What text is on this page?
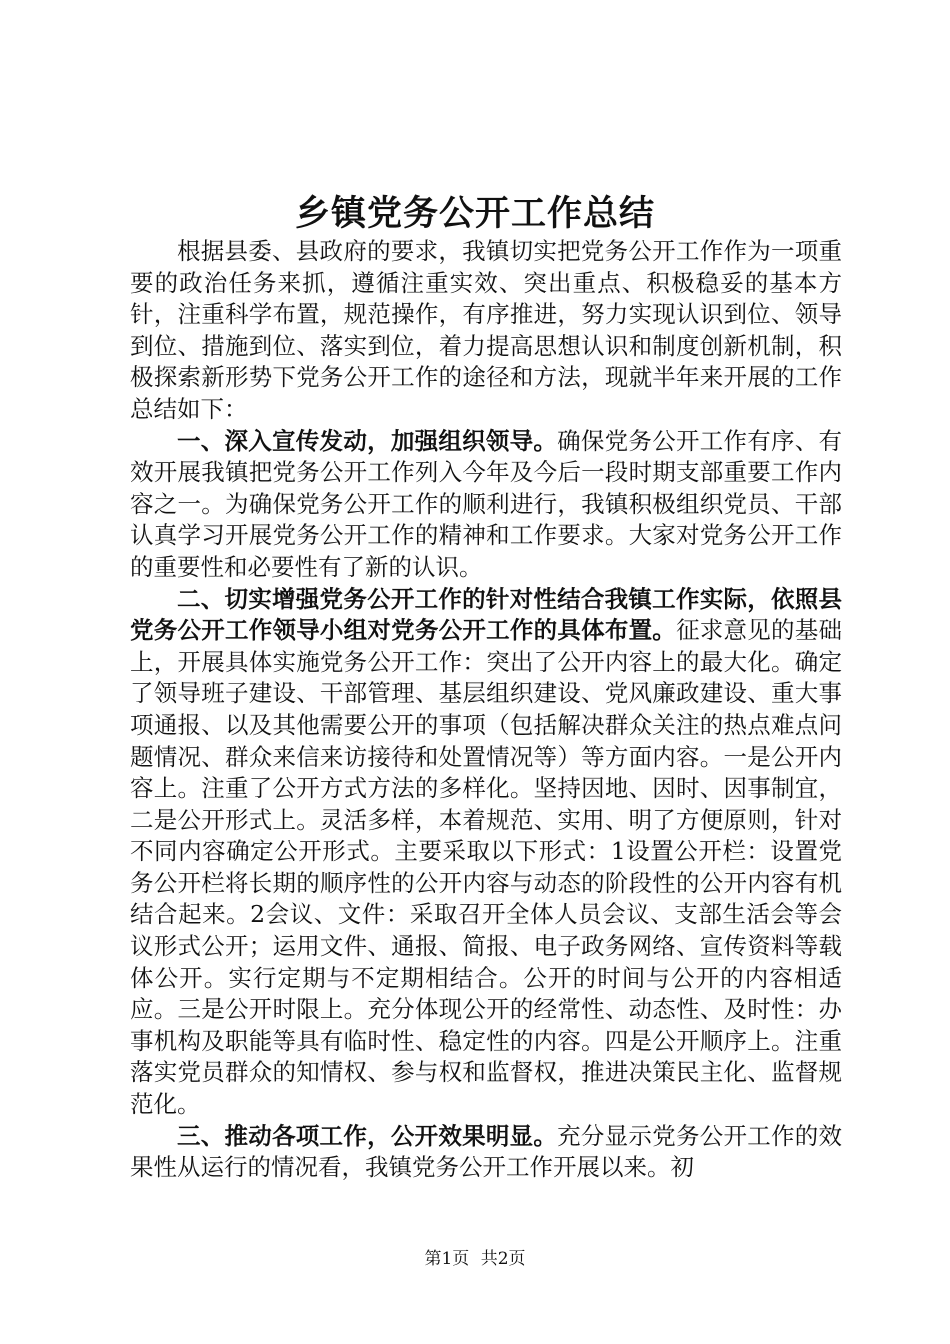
乡镇党务公开工作总结

根据县委、县政府的要求，我镇切实把党务公开工作作为一项重要的政治任务来抓，遵循注重实效、突出重点、积极稳妥的基本方针，注重科学布置，规范操作，有序推进，努力实现认识到位、领导到位、措施到位、落实到位，着力提高思想认识和制度创新机制，积极探索新形势下党务公开工作的途径和方法，现就半年来开展的工作总结如下：

一、深入宣传发动，加强组织领导。确保党务公开工作有序、有效开展我镇把党务公开工作列入今年及今后一段时期支部重要工作内容之一。为确保党务公开工作的顺利进行，我镇积极组织党员、干部认真学习开展党务公开工作的精神和工作要求。大家对党务公开工作的重要性和必要性有了新的认识。

二、切实增强党务公开工作的针对性结合我镇工作实际，依照县党务公开工作领导小组对党务公开工作的具体布置。征求意见的基础上，开展具体实施党务公开工作：突出了公开内容上的最大化。确定了领导班子建设、干部管理、基层组织建设、党风廉政建设、重大事项通报、以及其他需要公开的事项（包括解决群众关注的热点难点问题情况、群众来信来访接待和处置情况等）等方面内容。一是公开内容上。注重了公开方式方法的多样化。坚持因地、因时、因事制宜，二是公开形式上。灵活多样，本着规范、实用、明了方便原则，针对不同内容确定公开形式。主要采取以下形式：1设置公开栏：设置党务公开栏将长期的顺序性的公开内容与动态的阶段性的公开内容有机结合起来。2会议、文件：采取召开全体人员会议、支部生活会等会议形式公开；运用文件、通报、简报、电子政务网络、宣传资料等载体公开。实行定期与不定期相结合。公开的时间与公开的内容相适应。三是公开时限上。充分体现公开的经常性、动态性、及时性：办事机构及职能等具有临时性、稳定性的内容。四是公开顺序上。注重落实党员群众的知情权、参与权和监督权，推进决策民主化、监督规范化。

三、推动各项工作，公开效果明显。充分显示党务公开工作的效果性从运行的情况看，我镇党务公开工作开展以来。初

第1页 共2页
